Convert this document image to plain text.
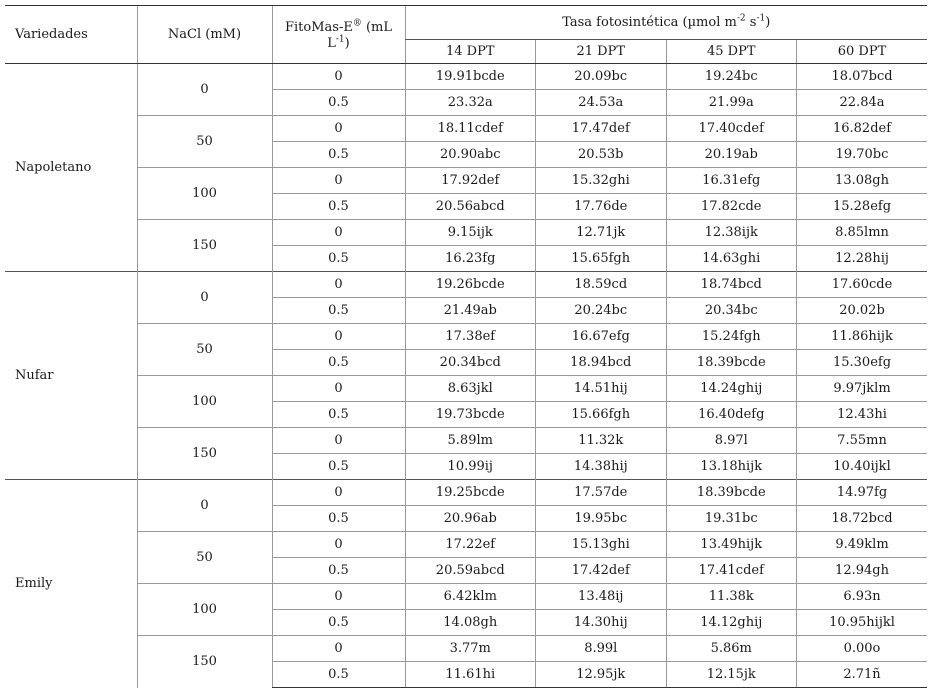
Variedades	NaCl (mM)	FitoMas-E® (mL
$L^{-1}$)	Tasa fotosintética (µmol $m^{-2}$ $s^{-1}$)			
			14 DPT	21 DPT	45 DPT	60 DPT
Napoletano	0	0	19.91bcde	20.09bc	19.24bc	18.07bcd
		0.5	23.32a	24.53a	21.99a	22.84a
	50	0	18.11cdef	17.47def	17.40cdef	16.82def
		0.5	20.90abc	20.53b	20.19ab	19.70bc
	100	0	17.92def	15.32ghi	16.31efg	13.08gh
		0.5	20.56abcd	17.76de	17.82cde	15.28efg
	150	0	9.15ijk	12.71jk	12.38ijk	8.85lmn
		0.5	16.23fg	15.65fgh	14.63ghi	12.28hij
Nufar	0	0	19.26bcde	18.59cd	18.74bcd	17.60cde
		0.5	21.49ab	20.24bc	20.34bc	20.02b
	50	0	17.38ef	16.67efg	15.24fgh	11.86hijk
		0.5	20.34bcd	18.94bcd	18.39bcde	15.30efg
	100	0	8.63jkl	14.51hij	14.24ghij	9.97jklm
		0.5	19.73bcde	15.66fgh	16.40defg	12.43hi
	150	0	5.89lm	11.32k	8.97l	7.55mn
		0.5	10.99ij	14.38hij	13.18hijk	10.40ijkl
Emily	0	0	19.25bcde	17.57de	18.39bcde	14.97fg
		0.5	20.96ab	19.95bc	19.31bc	18.72bcd
	50	0	17.22ef	15.13ghi	13.49hijk	9.49klm
		0.5	20.59abcd	17.42def	17.41cdef	12.94gh
	100	0	6.42klm	13.48ij	11.38k	6.93n
		0.5	14.08gh	14.30hij	14.12ghij	10.95hijkl
	150	0	3.77m	8.99l	5.86m	0.00o
		0.5	11.61hi	12.95jk	12.15jk	2.71ñ
